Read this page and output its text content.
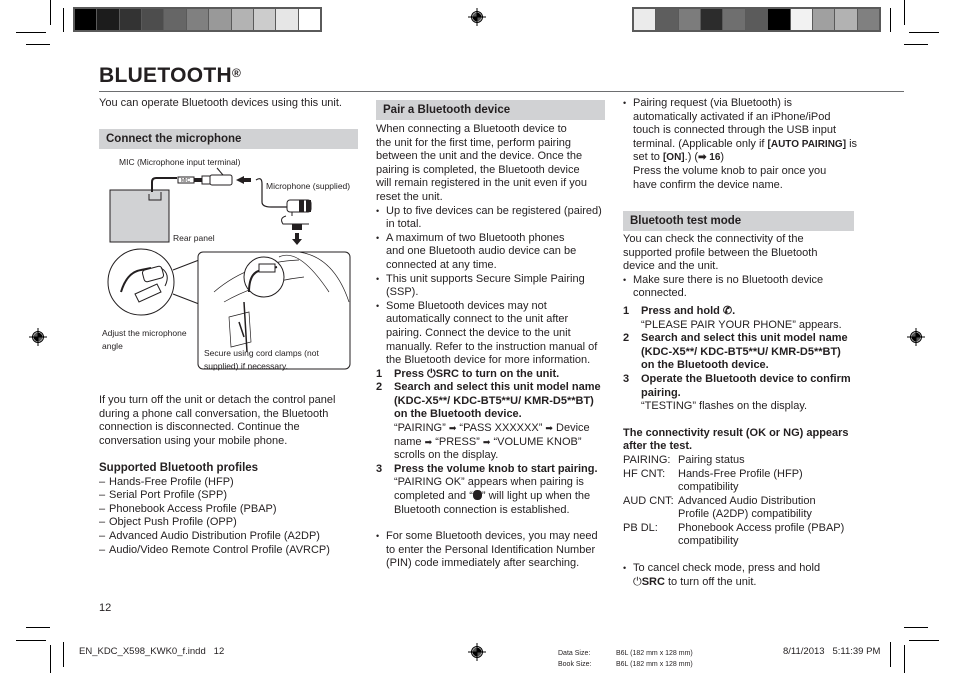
BLUETOOTH®
You can operate Bluetooth devices using this unit.
Connect the microphone
MIC (Microphone input terminal)
MIC	Microphone (supplied)
Rear panel
Adjust the microphone
angle
Secure using cord clamps (not
supplied) if necessary.
If you turn off the unit or detach the control panel
during a phone call conversation, the Bluetooth
connection is disconnected. Continue the
conversation using your mobile phone.
Supported Bluetooth profiles
– Hands-Free Profile (HFP)
– Serial Port Profile (SPP)
– Phonebook Access Profile (PBAP)
– Object Push Profile (OPP)
– Advanced Audio Distribution Profile (A2DP)
– Audio/Video Remote Control Profile (AVRCP)
12
Pair a Bluetooth device
When connecting a Bluetooth device to
the unit for the first time, perform pairing
between the unit and the device. Once the
pairing is completed, the Bluetooth device
will remain registered in the unit even if you
reset the unit.
• Up to five devices can be registered (paired)
in total.
• A maximum of two Bluetooth phones
and one Bluetooth audio device can be
connected at any time.
• This unit supports Secure Simple Pairing
(SSP).
• Some Bluetooth devices may not
automatically connect to the unit after
pairing. Connect the device to the unit
manually. Refer to the instruction manual of
the Bluetooth device for more information.
1 Press ⏻SRC to turn on the unit.
2 Search and select this unit model name
(KDC-X5**/ KDC-BT5**U/ KMR-D5**BT)
on the Bluetooth device.
“PAIRING” ➡ “PASS XXXXXX” ➡ Device
name ➡ “PRESS” ➡ “VOLUME KNOB”
scrolls on the display.
3 Press the volume knob to start pairing.
“PAIRING OK” appears when pairing is
completed and “ ” will light up when the
Bluetooth connection is established.
• For some Bluetooth devices, you may need
to enter the Personal Identification Number
(PIN) code immediately after searching.
• Pairing request (via Bluetooth) is
automatically activated if an iPhone/iPod
touch is connected through the USB input
terminal. (Applicable only if [AUTO PAIRING] is
set to [ON].) (➡ 16)
Press the volume knob to pair once you
have confirm the device name.
Bluetooth test mode
You can check the connectivity of the
supported profile between the Bluetooth
device and the unit.
• Make sure there is no Bluetooth device
connected.
1 Press and hold ✆.
“PLEASE PAIR YOUR PHONE” appears.
2 Search and select this unit model name
(KDC-X5**/ KDC-BT5**U/ KMR-D5**BT)
on the Bluetooth device.
3 Operate the Bluetooth device to confirm
pairing.
“TESTING” flashes on the display.
The connectivity result (OK or NG) appears
after the test.
PAIRING: Pairing status
HF CNT:	Hands-Free Profile (HFP)
compatibility
AUD CNT: Advanced Audio Distribution
Profile (A2DP) compatibility
PB DL:	Phonebook Access profile (PBAP)
compatibility
• To cancel check mode, press and hold
⏻SRC to turn off the unit.
EN_KDC_X598_KWK0_f.indd   12	Data Size:	B6L (182 mm x 128 mm)
Book Size:	B6L (182 mm x 128 mm)
8/11/2013   5:11:39 PM
